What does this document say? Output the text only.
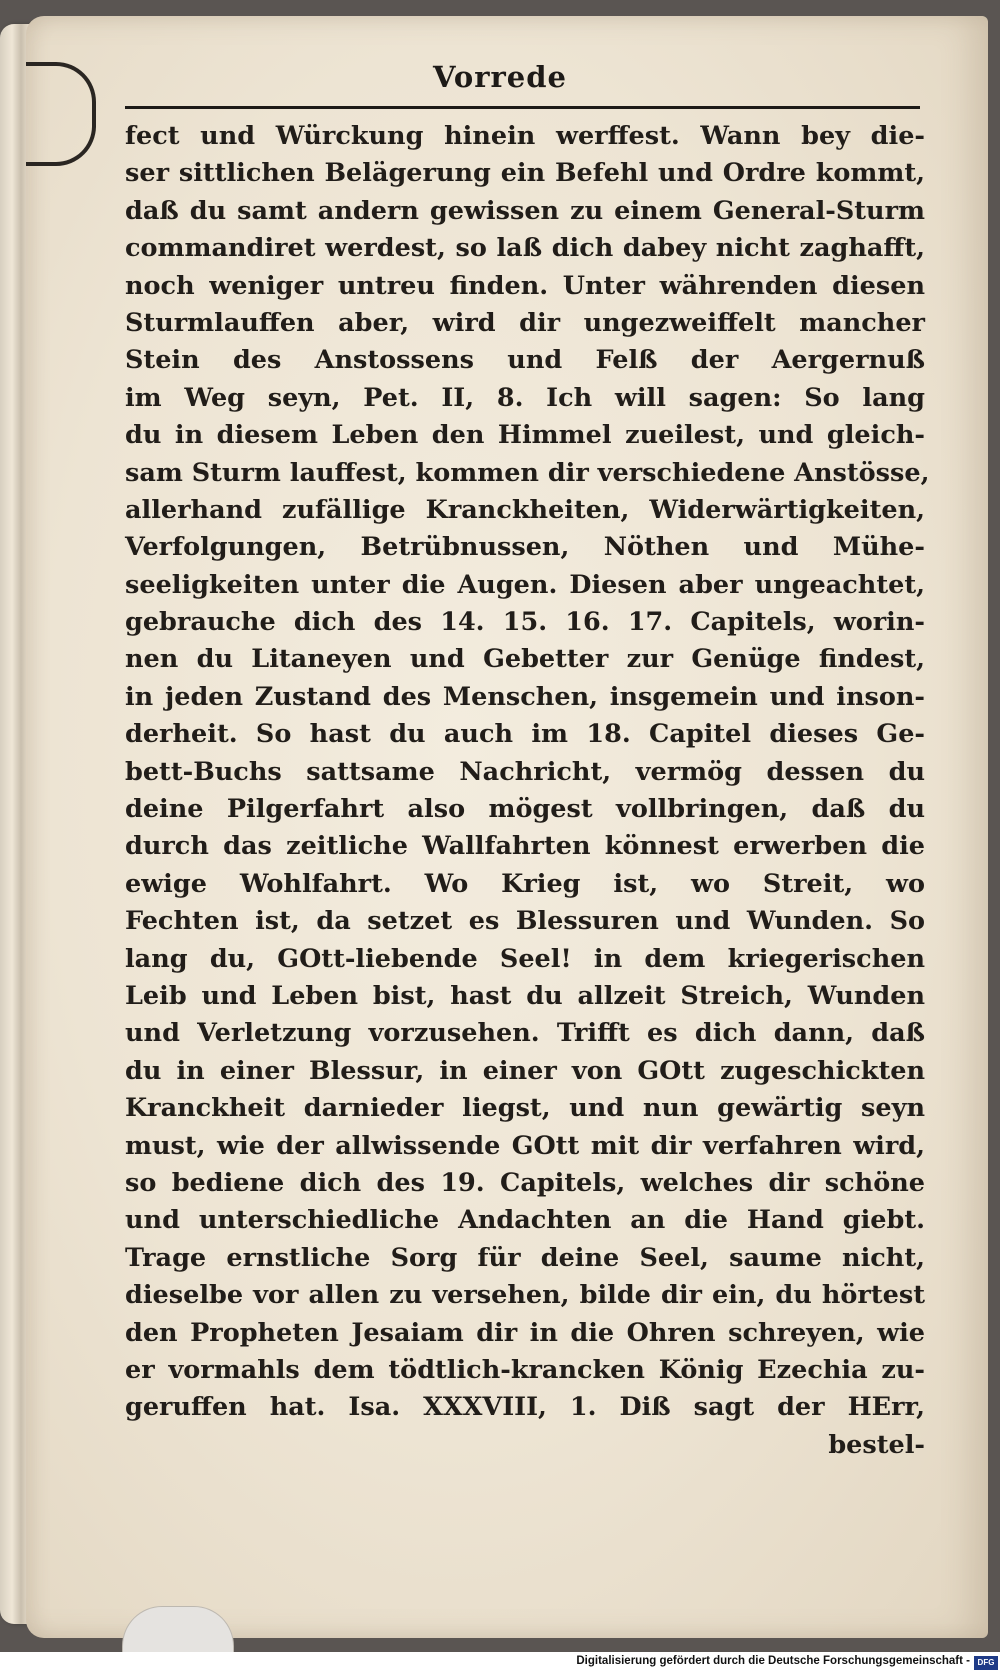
Vorrede
fect und Würckung hinein werffest. Wann bey die-
ser sittlichen Belägerung ein Befehl und Ordre kommt,
daß du samt andern gewissen zu einem General-Sturm
commandiret werdest, so laß dich dabey nicht zaghafft,
noch weniger untreu finden. Unter währenden diesen
Sturmlauffen aber, wird dir ungezweiffelt mancher
Stein des Anstossens und Felß der Aergernuß
im Weg seyn, Pet. II, 8. Ich will sagen: So lang
du in diesem Leben den Himmel zueilest, und gleich-
sam Sturm lauffest, kommen dir verschiedene Anstösse,
allerhand zufällige Kranckheiten, Widerwärtigkeiten,
Verfolgungen, Betrübnussen, Nöthen und Mühe-
seeligkeiten unter die Augen. Diesen aber ungeachtet,
gebrauche dich des 14. 15. 16. 17. Capitels, worin-
nen du Litaneyen und Gebetter zur Genüge findest,
in jeden Zustand des Menschen, insgemein und inson-
derheit. So hast du auch im 18. Capitel dieses Ge-
bett-Buchs sattsame Nachricht, vermög dessen du
deine Pilgerfahrt also mögest vollbringen, daß du
durch das zeitliche Wallfahrten könnest erwerben die
ewige Wohlfahrt. Wo Krieg ist, wo Streit, wo
Fechten ist, da setzet es Blessuren und Wunden. So
lang du, GOtt-liebende Seel! in dem kriegerischen
Leib und Leben bist, hast du allzeit Streich, Wunden
und Verletzung vorzusehen. Trifft es dich dann, daß
du in einer Blessur, in einer von GOtt zugeschickten
Kranckheit darnieder liegst, und nun gewärtig seyn
must, wie der allwissende GOtt mit dir verfahren wird,
so bediene dich des 19. Capitels, welches dir schöne
und unterschiedliche Andachten an die Hand giebt.
Trage ernstliche Sorg für deine Seel, saume nicht,
dieselbe vor allen zu versehen, bilde dir ein, du hörtest
den Propheten Jesaiam dir in die Ohren schreyen, wie
er vormahls dem tödtlich-krancken König Ezechia zu-
geruffen hat. Isa. XXXVIII, 1. Diß sagt der HErr,
bestel-
Digitalisierung gefördert durch die Deutsche Forschungsgemeinschaft - DFG
